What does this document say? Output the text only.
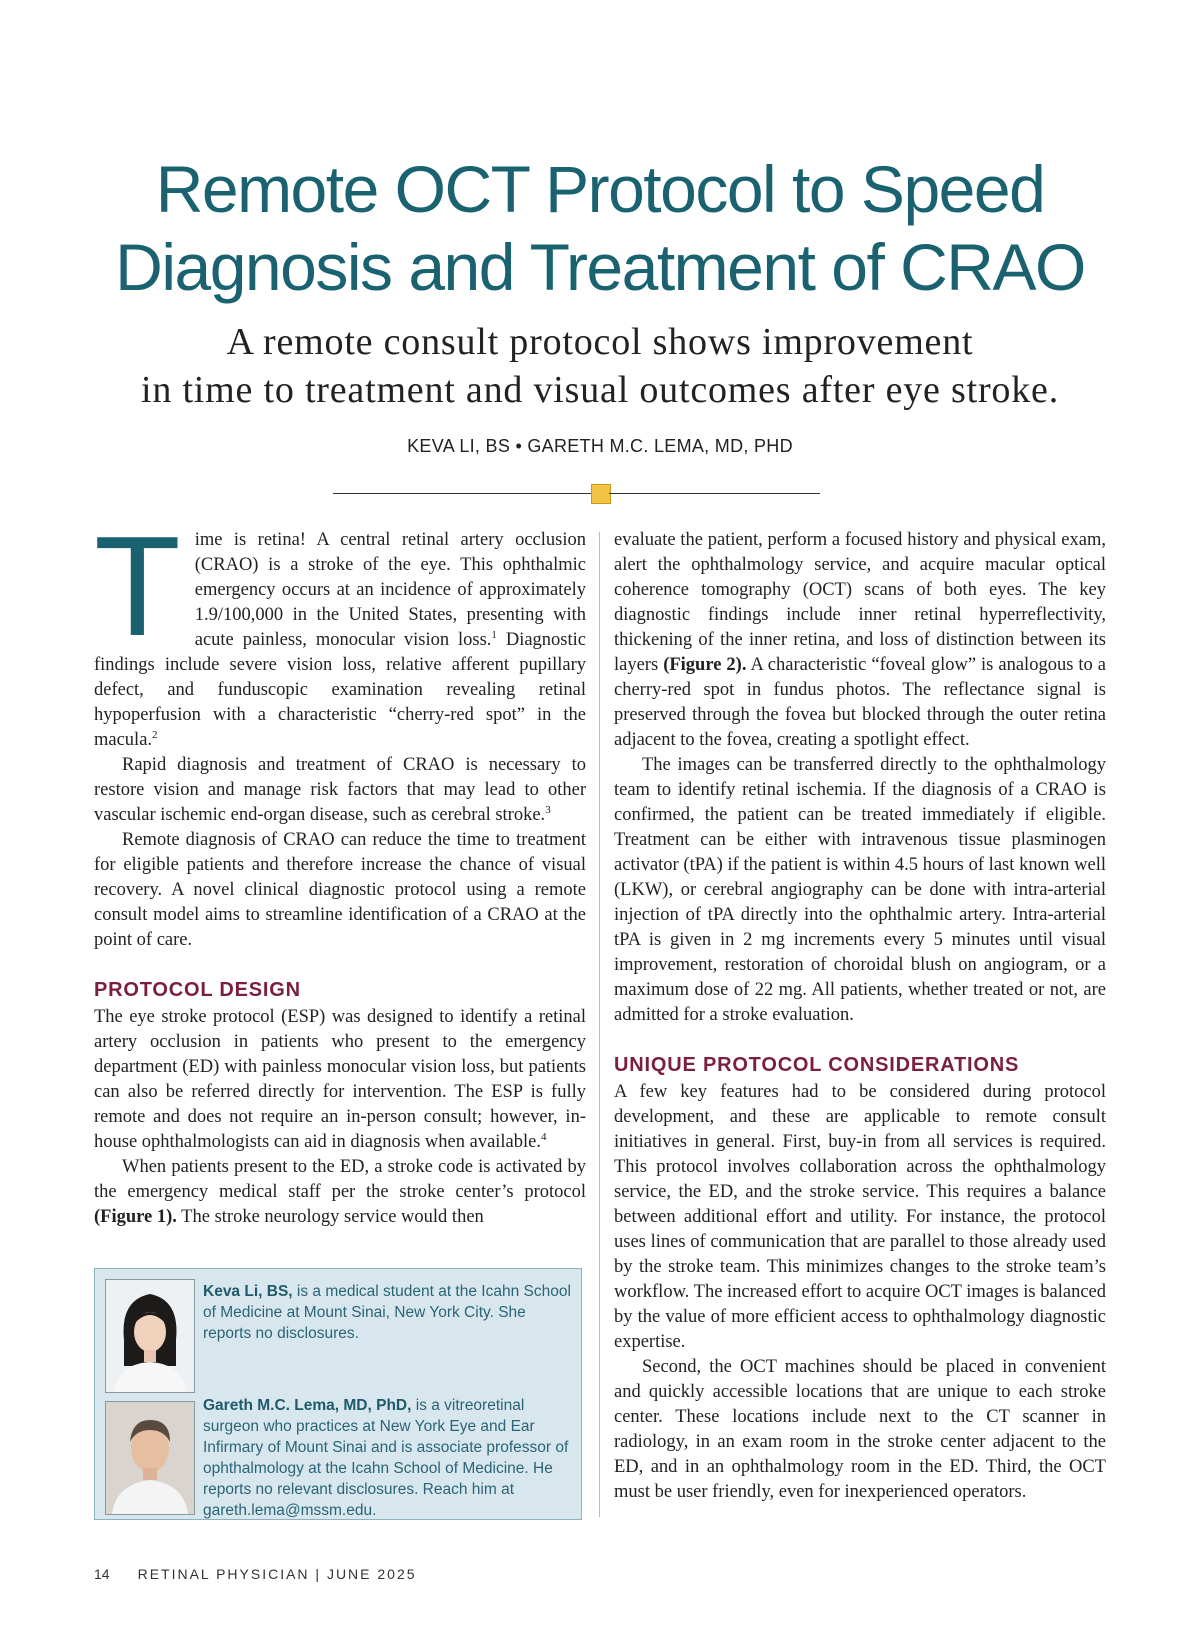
Remote OCT Protocol to Speed
Diagnosis and Treatment of CRAO

A remote consult protocol shows improvement
in time to treatment and visual outcomes after eye stroke.

KEVA LI, BS • GARETH M.C. LEMA, MD, PHD

Time is retina! A central retinal artery occlusion (CRAO) is a stroke of the eye. This ophthalmic emergency occurs at an incidence of approximately 1.9/100,000 in the United States, presenting with acute painless, monocular vision loss.$^1$ Diagnostic findings include severe vision loss, relative afferent pupillary defect, and funduscopic examination revealing retinal hypoperfusion with a characteristic “cherry-red spot” in the macula.$^2$

Rapid diagnosis and treatment of CRAO is necessary to restore vision and manage risk factors that may lead to other vascular ischemic end-organ disease, such as cerebral stroke.$^3$

Remote diagnosis of CRAO can reduce the time to treatment for eligible patients and therefore increase the chance of visual recovery. A novel clinical diagnostic protocol using a remote consult model aims to streamline identification of a CRAO at the point of care.

PROTOCOL DESIGN

The eye stroke protocol (ESP) was designed to identify a retinal artery occlusion in patients who present to the emergency department (ED) with painless monocular vision loss, but patients can also be referred directly for intervention. The ESP is fully remote and does not require an in-person consult; however, in-house ophthalmologists can aid in diagnosis when available.$^4$

When patients present to the ED, a stroke code is activated by the emergency medical staff per the stroke center’s protocol (Figure 1). The stroke neurology service would then

evaluate the patient, perform a focused history and physical exam, alert the ophthalmology service, and acquire macular optical coherence tomography (OCT) scans of both eyes. The key diagnostic findings include inner retinal hyperreflectivity, thickening of the inner retina, and loss of distinction between its layers (Figure 2). A characteristic “foveal glow” is analogous to a cherry-red spot in fundus photos. The reflectance signal is preserved through the fovea but blocked through the outer retina adjacent to the fovea, creating a spotlight effect.

The images can be transferred directly to the ophthalmology team to identify retinal ischemia. If the diagnosis of a CRAO is confirmed, the patient can be treated immediately if eligible. Treatment can be either with intravenous tissue plasminogen activator (tPA) if the patient is within 4.5 hours of last known well (LKW), or cerebral angiography can be done with intra-arterial injection of tPA directly into the ophthalmic artery. Intra-arterial tPA is given in 2 mg increments every 5 minutes until visual improvement, restoration of choroidal blush on angiogram, or a maximum dose of 22 mg. All patients, whether treated or not, are admitted for a stroke evaluation.

UNIQUE PROTOCOL CONSIDERATIONS

A few key features had to be considered during protocol development, and these are applicable to remote consult initiatives in general. First, buy-in from all services is required. This protocol involves collaboration across the ophthalmology service, the ED, and the stroke service. This requires a balance between additional effort and utility. For instance, the protocol uses lines of communication that are parallel to those already used by the stroke team. This minimizes changes to the stroke team’s workflow. The increased effort to acquire OCT images is balanced by the value of more efficient access to ophthalmology diagnostic expertise.

Second, the OCT machines should be placed in convenient and quickly accessible locations that are unique to each stroke center. These locations include next to the CT scanner in radiology, in an exam room in the stroke center adjacent to the ED, and in an ophthalmology room in the ED. Third, the OCT must be user friendly, even for inexperienced operators.

Keva Li, BS, is a medical student at the Icahn School of Medicine at Mount Sinai, New York City. She reports no disclosures.
Gareth M.C. Lema, MD, PhD, is a vitreoretinal surgeon who practices at New York Eye and Ear Infirmary of Mount Sinai and is associate professor of ophthalmology at the Icahn School of Medicine. He reports no relevant disclosures. Reach him at gareth.lema@mssm.edu.
14 RETINAL PHYSICIAN | JUNE 2025
